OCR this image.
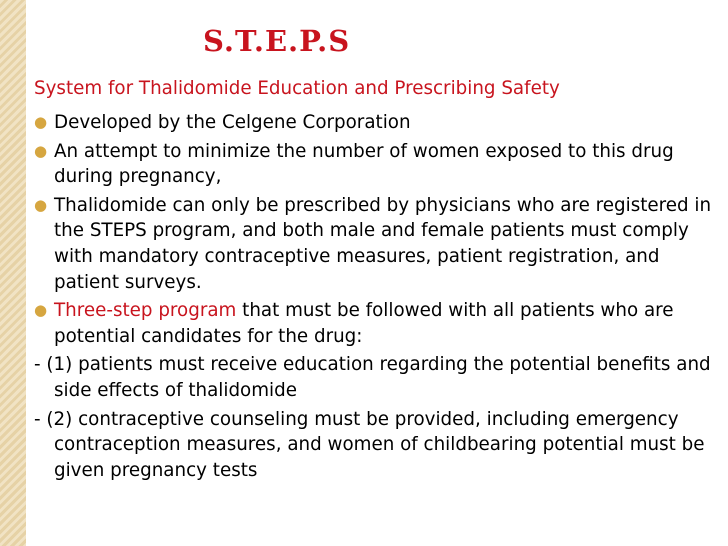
S.T.E.P.S

System for Thalidomide Education and Prescribing Safety

● Developed by the Celgene Corporation
● An attempt to minimize the number of women exposed to this drug during pregnancy,
● Thalidomide can only be prescribed by physicians who are registered in the STEPS program, and both male and female patients must comply with mandatory contraceptive measures, patient registration, and patient surveys.
● Three-step program that must be followed with all patients who are potential candidates for the drug:
- (1) patients must receive education regarding the potential benefits and side effects of thalidomide
- (2) contraceptive counseling must be provided, including emergency contraception measures, and women of childbearing potential must be given pregnancy tests
